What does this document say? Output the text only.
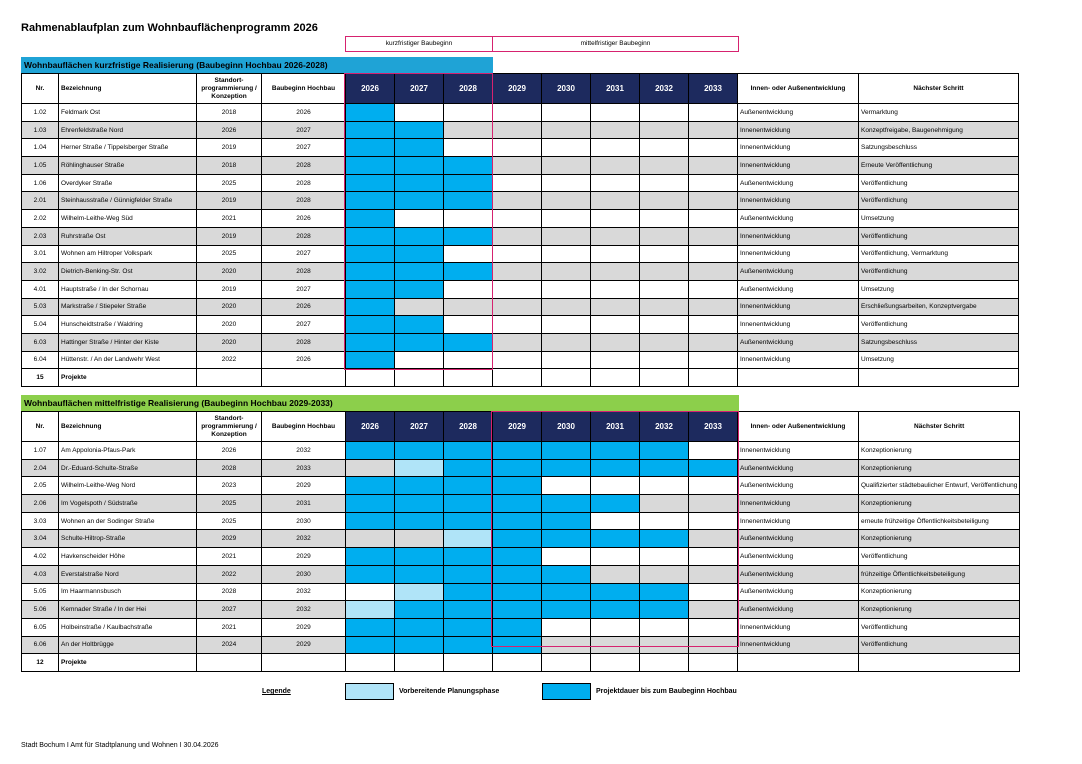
Rahmenablaufplan zum Wohnbauflächenprogramm 2026
kurzfristiger Baubeginn	mittelfristiger Baubeginn
Wohnbauflächen kurzfristige Realisierung (Baubeginn Hochbau 2026-2028)
Nr.	Bezeichnung	Standort- programmierung / Konzeption	Baubeginn Hochbau	2026	2027	2028	2029	2030	2031	2032	2033	Innen- oder Außenentwicklung	Nächster Schritt
1.02	Feldmark Ost	2018	2026									Außenentwicklung	Vermarktung
1.03	Ehrenfeldstraße Nord	2026	2027									Innenentwicklung	Konzeptfreigabe, Baugenehmigung
1.04	Herner Straße / Tippelsberger Straße	2019	2027									Innenentwicklung	Satzungsbeschluss
1.05	Röhlinghauser Straße	2018	2028									Innenentwicklung	Erneute Veröffentlichung
1.06	Overdyker Straße	2025	2028									Außenentwicklung	Veröffentlichung
2.01	Steinhausstraße / Günnigfelder Straße	2019	2028									Innenentwicklung	Veröffentlichung
2.02	Wilhelm-Leithe-Weg Süd	2021	2026									Außenentwicklung	Umsetzung
2.03	Ruhrstraße Ost	2019	2028									Innenentwicklung	Veröffentlichung
3.01	Wohnen am Hiltroper Volkspark	2025	2027									Innenentwicklung	Veröffentlichung, Vermarktung
3.02	Dietrich-Benking-Str. Ost	2020	2028									Außenentwicklung	Veröffentlichung
4.01	Hauptstraße / In der Schornau	2019	2027									Außenentwicklung	Umsetzung
5.03	Markstraße / Stiepeler Straße	2020	2026									Innenentwicklung	Erschließungsarbeiten, Konzeptvergabe
5.04	Hunscheidtstraße / Waldring	2020	2027									Innenentwicklung	Veröffentlichung
6.03	Hattinger Straße / Hinter der Kiste	2020	2028									Außenentwicklung	Satzungsbeschluss
6.04	Hüttenstr. / An der Landwehr West	2022	2026									Innenentwicklung	Umsetzung
15	Projekte												
Wohnbauflächen mittelfristige Realisierung (Baubeginn Hochbau 2029-2033)
Nr.	Bezeichnung	Standort- programmierung / Konzeption	Baubeginn Hochbau	2026	2027	2028	2029	2030	2031	2032	2033	Innen- oder Außenentwicklung	Nächster Schritt
1.07	Am Appolonia-Pfaus-Park	2026	2032									Innenentwicklung	Konzeptionierung
2.04	Dr.-Eduard-Schulte-Straße	2028	2033									Außenentwicklung	Konzeptionierung
2.05	Wilhelm-Leithe-Weg Nord	2023	2029									Außenentwicklung	Qualifizierter städtebaulicher Entwurf, Veröffentlichung
2.06	Im Vogelspoth / Südstraße	2025	2031									Innenentwicklung	Konzeptionierung
3.03	Wohnen an der Sodinger Straße	2025	2030									Innenentwicklung	erneute frühzeitige Öffentlichkeitsbeteiligung
3.04	Schulte-Hiltrop-Straße	2029	2032									Außenentwicklung	Konzeptionierung
4.02	Havkenscheider Höhe	2021	2029									Außenentwicklung	Veröffentlichung
4.03	Everstalstraße Nord	2022	2030									Außenentwicklung	frühzeitige Öffentlichkeitsbeteiligung
5.05	Im Haarmannsbusch	2028	2032									Außenentwicklung	Konzeptionierung
5.06	Kemnader Straße / In der Hei	2027	2032									Außenentwicklung	Konzeptionierung
6.05	Holbeinstraße / Kaulbachstraße	2021	2029									Innenentwicklung	Veröffentlichung
6.06	An der Holtbrügge	2024	2029									Innenentwicklung	Veröffentlichung
12	Projekte												
Legende	Vorbereitende Planungsphase	Projektdauer bis zum Baubeginn Hochbau
Stadt Bochum I Amt für Stadtplanung und Wohnen I 30.04.2026
